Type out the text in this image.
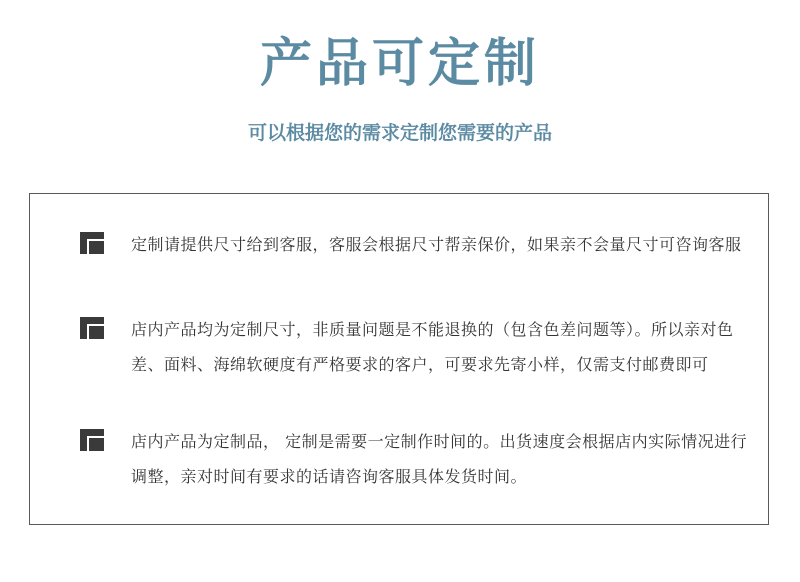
产品可定制
可以根据您的需求定制您需要的产品
定制请提供尺寸给到客服，客服会根据尺寸帮亲保价，如果亲不会量尺寸可咨询客服
店内产品均为定制尺寸，非质量问题是不能退换的（包含色差问题等）。所以亲对色差、面料、海绵软硬度有严格要求的客户，可要求先寄小样，仅需支付邮费即可
店内产品为定制品， 定制是需要一定制作时间的。出货速度会根据店内实际情况进行调整，亲对时间有要求的话请咨询客服具体发货时间。
